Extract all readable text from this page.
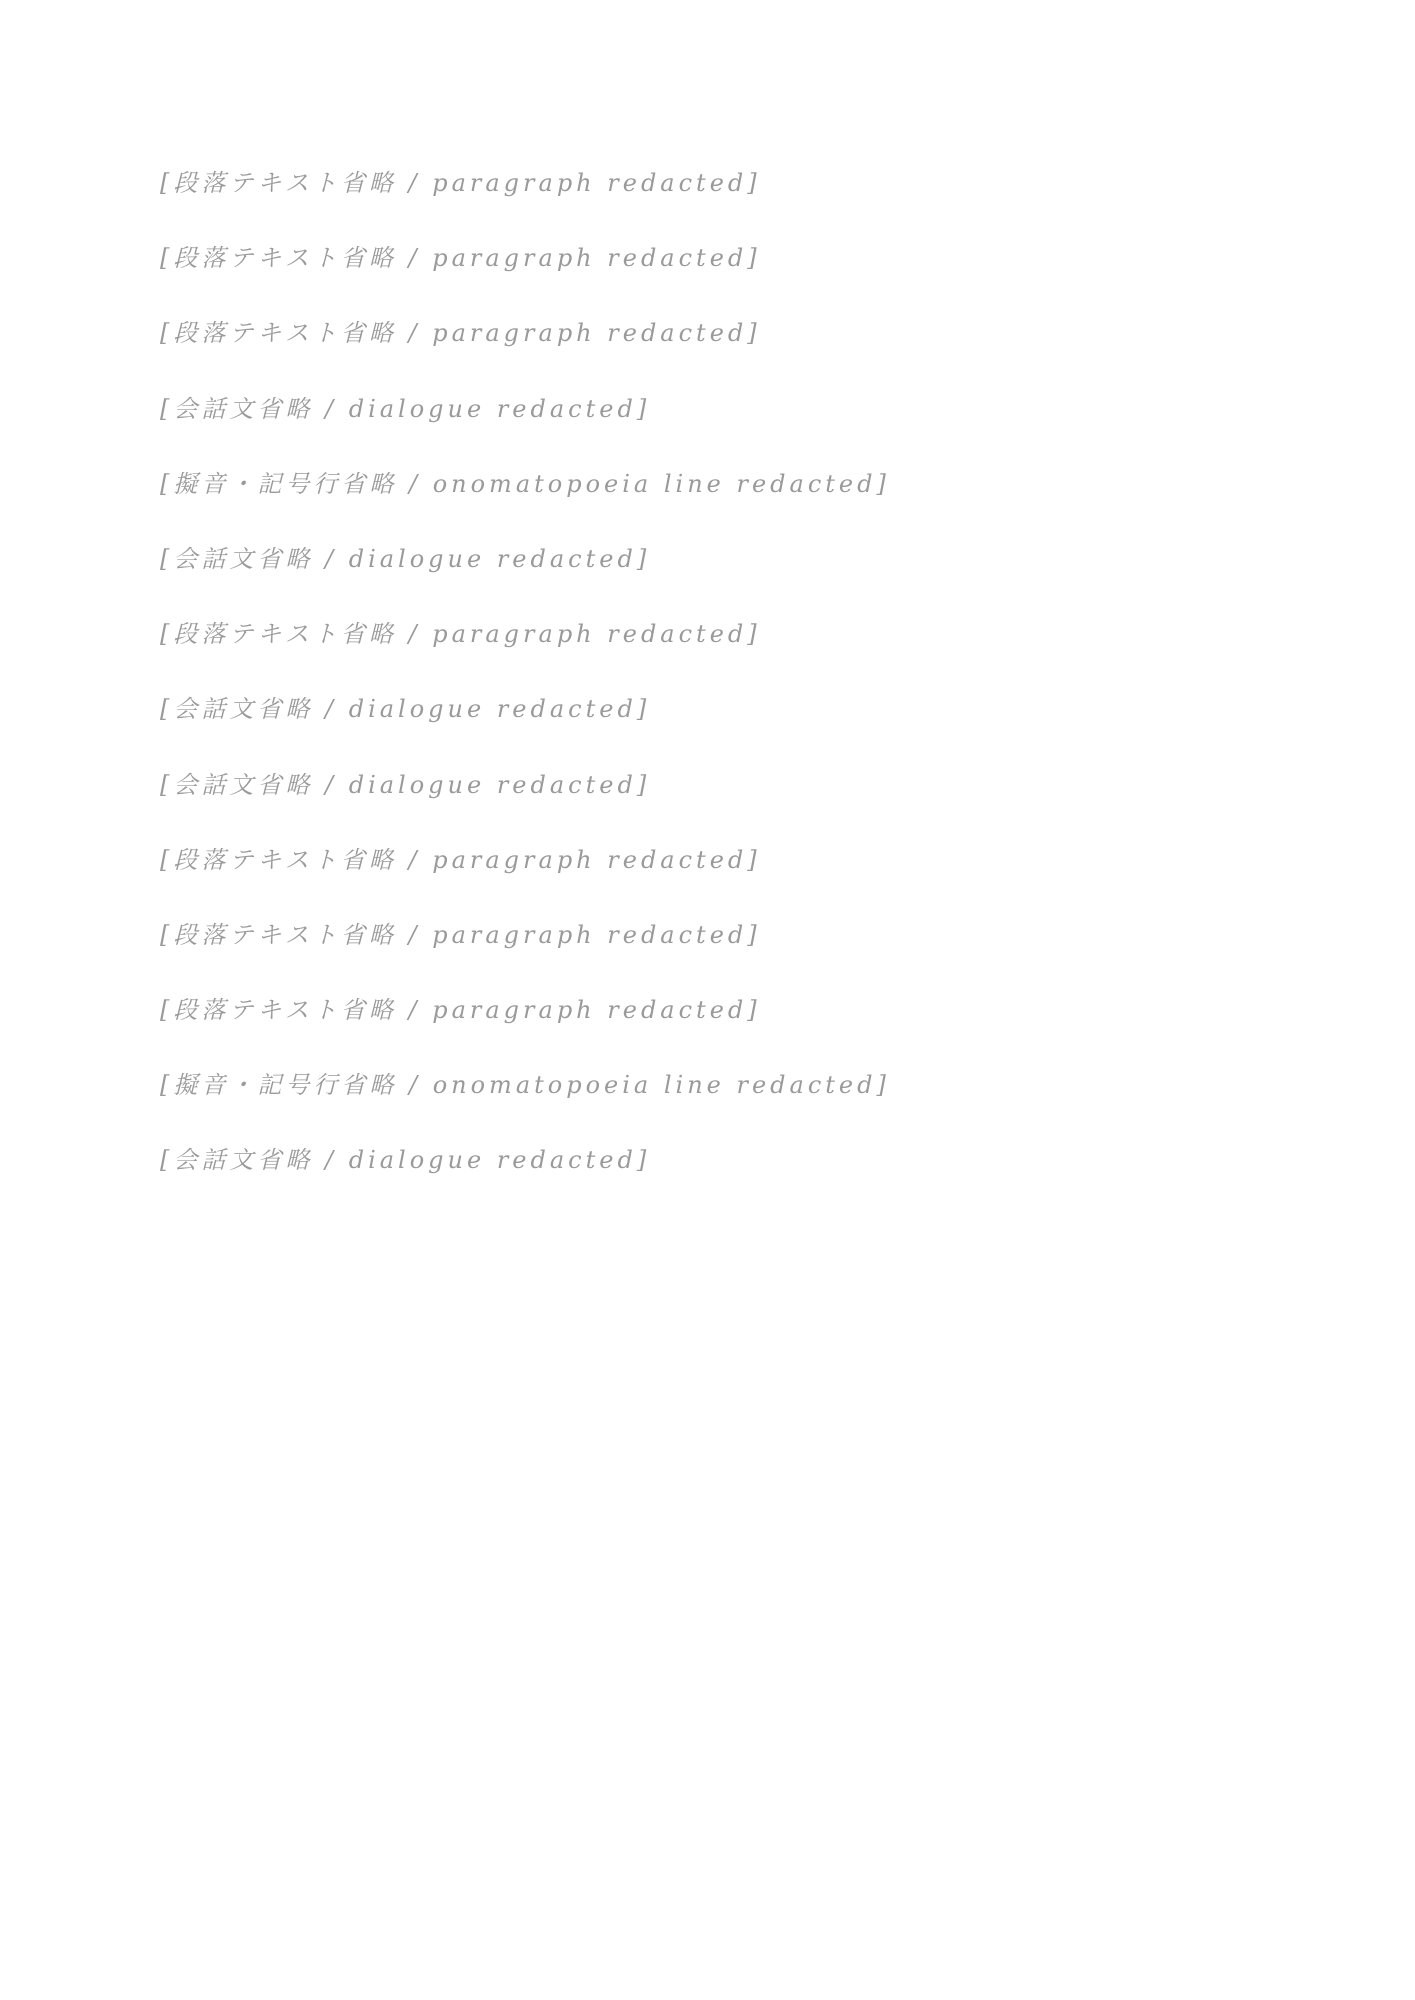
[段落テキスト省略 / paragraph redacted]

[段落テキスト省略 / paragraph redacted]

[段落テキスト省略 / paragraph redacted]

[会話文省略 / dialogue redacted]

[擬音・記号行省略 / onomatopoeia line redacted]

[会話文省略 / dialogue redacted]

[段落テキスト省略 / paragraph redacted]

[会話文省略 / dialogue redacted]

[会話文省略 / dialogue redacted]

[段落テキスト省略 / paragraph redacted]

[段落テキスト省略 / paragraph redacted]

[段落テキスト省略 / paragraph redacted]

[擬音・記号行省略 / onomatopoeia line redacted]

[会話文省略 / dialogue redacted]
